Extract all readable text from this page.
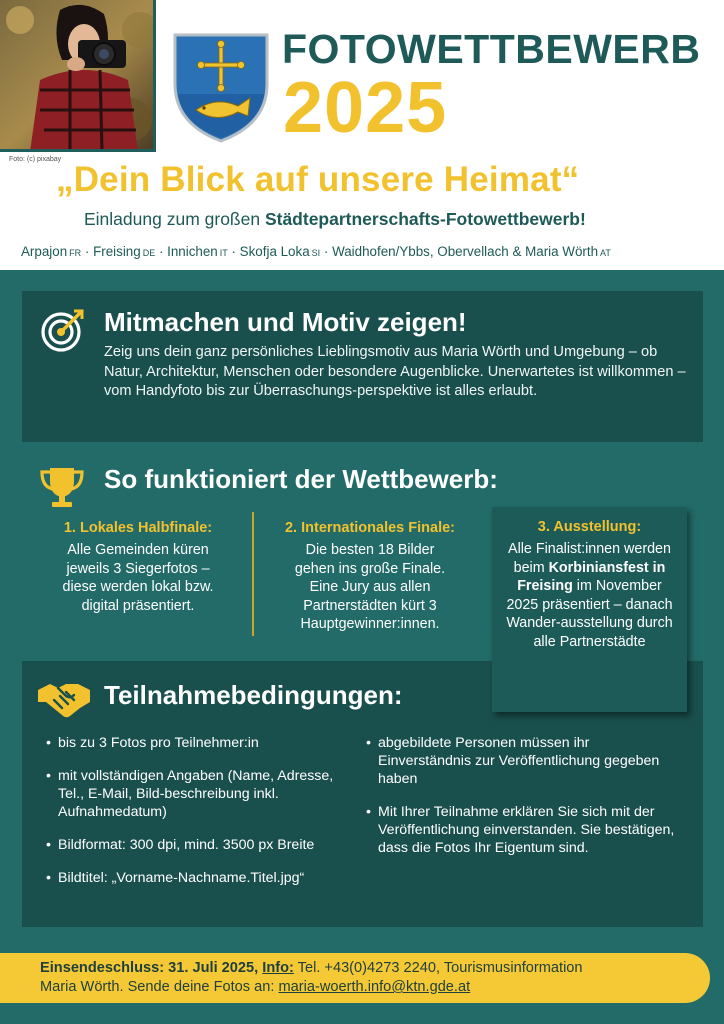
Foto: (c) pixabay
FOTOWETTBEWERB
2025
„Dein Blick auf unsere Heimat“
Einladung zum großen Städtepartnerschafts-Fotowettbewerb!
Arpajon FR · Freising DE · Innichen IT · Skofja Loka SI · Waidhofen/Ybbs, Obervellach & Maria Wörth AT
Mitmachen und Motiv zeigen!
Zeig uns dein ganz persönliches Lieblingsmotiv aus Maria Wörth und Umgebung – ob Natur, Architektur, Menschen oder besondere Augenblicke. Unerwartetes ist willkommen – vom Handyfoto bis zur Überraschungs-perspektive ist alles erlaubt.
So funktioniert der Wettbewerb:
1. Lokales Halbfinale:
Alle Gemeinden küren jeweils 3 Siegerfotos – diese werden lokal bzw. digital präsentiert.
2. Internationales Finale:
Die besten 18 Bilder gehen ins große Finale. Eine Jury aus allen Partnerstädten kürt 3 Hauptgewinner:innen.
Teilnahmebedingungen:
• bis zu 3 Fotos pro Teilnehmer:in
• mit vollständigen Angaben (Name, Adresse, Tel., E-Mail, Bild-beschreibung inkl. Aufnahmedatum)
• Bildformat: 300 dpi, mind. 3500 px Breite
• Bildtitel: „Vorname-Nachname.Titel.jpg“
• abgebildete Personen müssen ihr Einverständnis zur Veröffentlichung gegeben haben
• Mit Ihrer Teilnahme erklären Sie sich mit der Veröffentlichung einverstanden. Sie bestätigen, dass die Fotos Ihr Eigentum sind.
3. Ausstellung:
Alle Finalist:innen werden beim Korbiniansfest in Freising im November 2025 präsentiert – danach Wander-ausstellung durch alle Partnerstädte
Einsendeschluss: 31. Juli 2025, Info: Tel. +43(0)4273 2240, Tourismusinformation
Maria Wörth. Sende deine Fotos an: maria-woerth.info@ktn.gde.at
